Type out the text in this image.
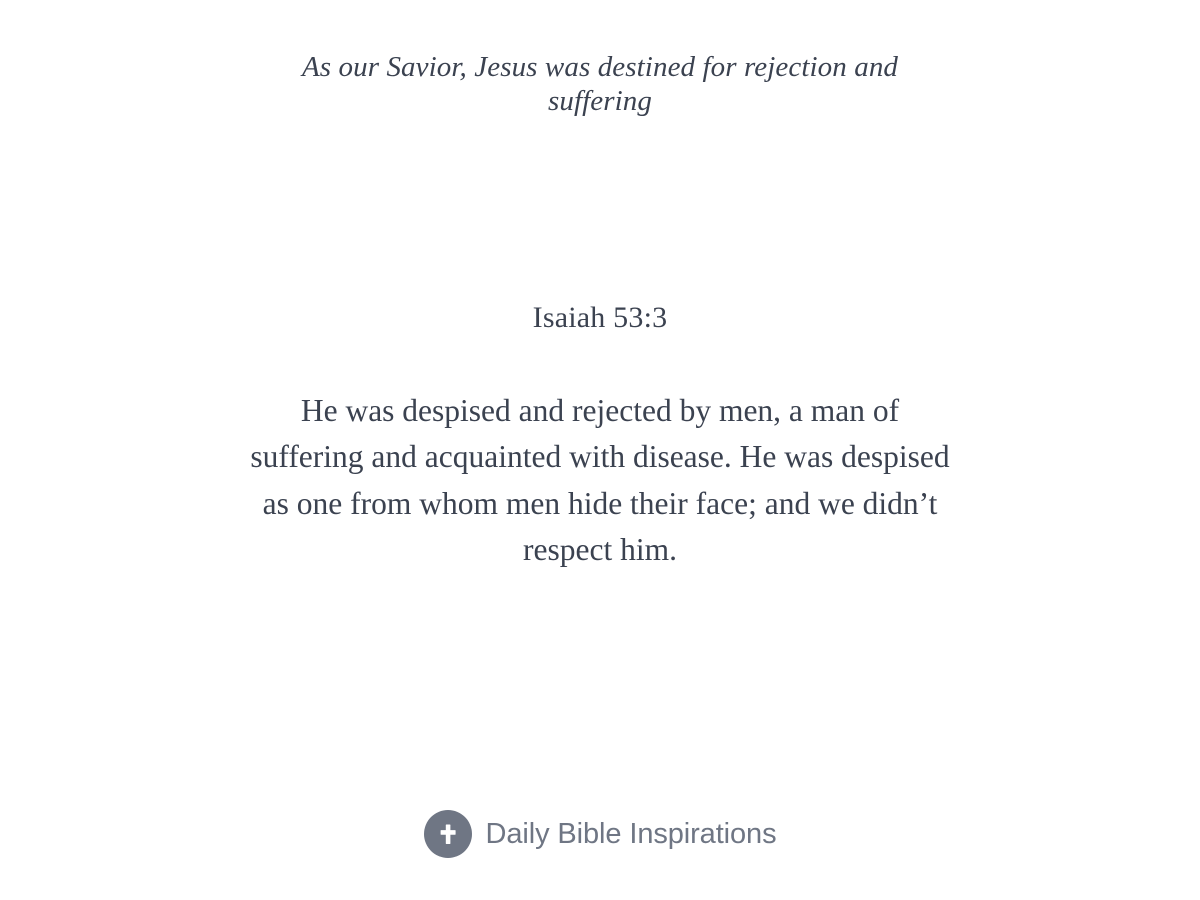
As our Savior, Jesus was destined for rejection and suffering
Isaiah 53:3
He was despised and rejected by men, a man of suffering and acquainted with disease. He was despised as one from whom men hide their face; and we didn’t respect him.
Daily Bible Inspirations
